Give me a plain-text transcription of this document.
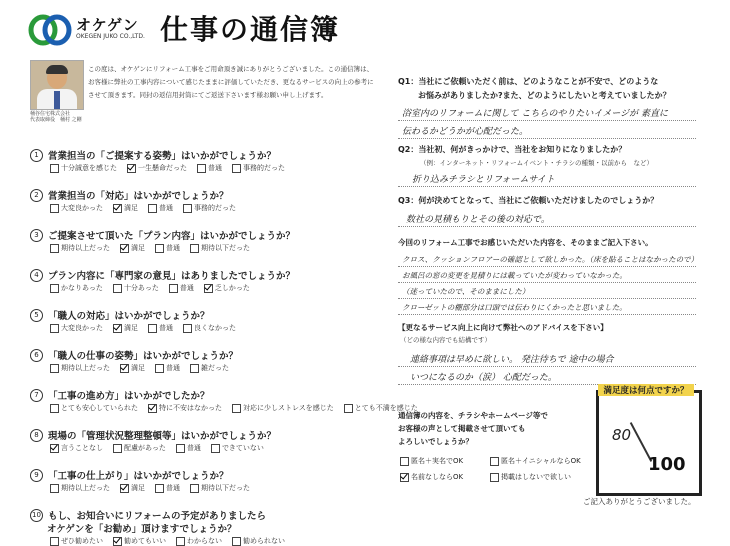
オケゲン
OKEGEN JUKO CO.,LTD. 仕事の通信簿
桶谷住宅株式会社
代表取締役　桶村 之剛
この度は、オケゲンにリフォーム工事をご用命頂き誠にありがとうございました。この通信簿は、お客様に弊社の工事内容について感じたままに評価していただき、更なるサービスの向上の参考にさせて頂きます。同封の返信用封筒にてご返送下さいます様お願い申し上げます。
1 営業担当の「ご提案する姿勢」はいかがでしょうか？
十分誠意を感じた	一生懸命だった	普通	事務的だった
2 営業担当の「対応」はいかがでしょうか？
大変良かった	満足	普通	事務的だった
3 ご提案させて頂いた「プラン内容」はいかがでしょうか？
期待以上だった	満足	普通	期待以下だった
4 プラン内容に「専門家の意見」はありましたでしょうか？
かなりあった	十分あった	普通	乏しかった
5 「職人の対応」はいかがでしょうか？
大変良かった	満足	普通	良くなかった
6 「職人の仕事の姿勢」はいかがでしょうか？
期待以上だった	満足	普通	雑だった
7 「工事の進め方」はいかがでしたか？
とても安心していられた	特に不安はなかった	対応に少しストレスを感じた	とても不満を感じた
8 現場の「管理状況整理整頓等」はいかがでしょうか？
言うことなし	配慮があった	普通	できていない
9 「工事の仕上がり」はいかがでしょうか？
期待以上だった	満足	普通	期待以下だった
10 もし、お知合いにリフォームの予定がありましたら
オケゲンを「お勧め」頂けますでしょうか？
ぜひ勧めたい	勧めてもいい	わからない	勧められない
Q1：当社にご依頼いただく前は、どのようなことが不安で、どのような
お悩みがありましたか?また、どのようにしたいと考えていましたか？
浴室内のリフォームに関して こちらのやりたいイメージが 素直に
伝わるかどうかが心配だった。
Q2：当社初、何がきっかけで、当社をお知りになりましたか？
（例：インターネット・リフォームイベント・チラシの種類・以前から　など）
折り込みチラシとリフォームサイト
Q3：何が決めてとなって、当社にご依頼いただけましたのでしょうか？
数社の見積もりとその後の対応で。
今回のリフォーム工事でお感じいただいた内容を、そのままご記入下さい。
クロス、クッションフロアーの確認として欲しかった。（床を貼ることはなかったので）
お風呂の窓の変更を見積りには載っていたが変わっていなかった。
（迷っていたので、そのままにした）
クローゼットの棚部分は口頭では伝わりにくかったと思いました。
【更なるサービス向上に向けて弊社へのアドバイスを下さい】
（どの様な内容でも結構です）
連絡事項は早めに欲しい。 発注待ちで 途中の場合
いつになるのか（涙） 心配だった。
通信簿の内容を、チラシやホームページ等で
お客様の声として掲載させて頂いても
よろしいでしょうか？
匿名＋実名でOK	匿名＋イニシャルならOK
名前なしならOK	掲載はしないで欲しい
満足度は何点ですか？
80
100
ご記入ありがとうございました。
